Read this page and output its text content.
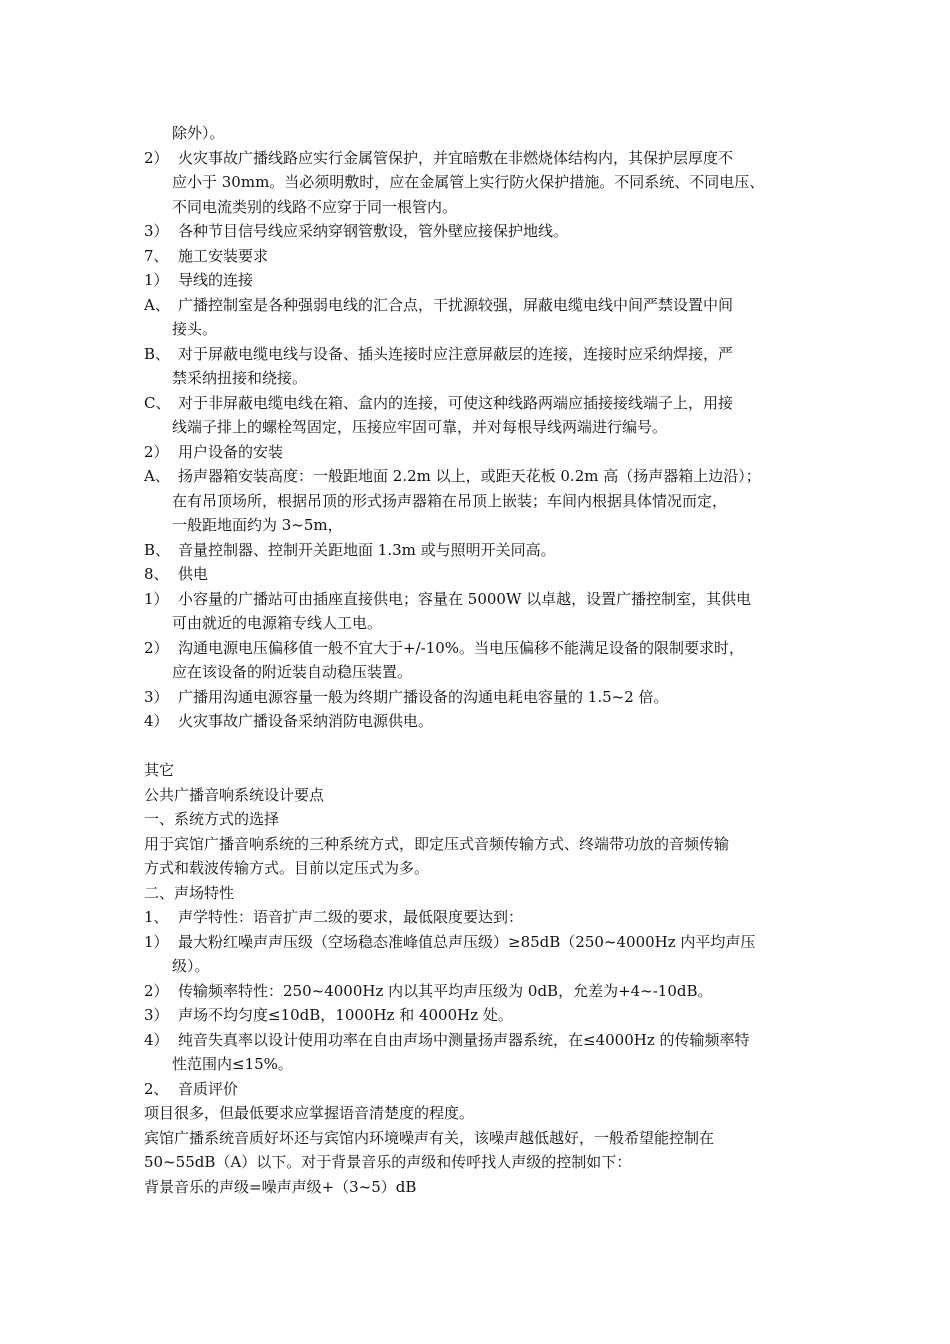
除外）。
2） 火灾事故广播线路应实行金属管保护，并宜暗敷在非燃烧体结构内，其保护层厚度不
应小于 30mm。当必须明敷时，应在金属管上实行防火保护措施。不同系统、不同电压、
不同电流类别的线路不应穿于同一根管内。
3） 各种节目信号线应采纳穿钢管敷设，管外壁应接保护地线。
7、 施工安装要求
1） 导线的连接
A、 广播控制室是各种强弱电线的汇合点，干扰源较强，屏蔽电缆电线中间严禁设置中间
接头。
B、 对于屏蔽电缆电线与设备、插头连接时应注意屏蔽层的连接，连接时应采纳焊接，严
禁采纳扭接和绕接。
C、 对于非屏蔽电缆电线在箱、盒内的连接，可使这种线路两端应插接接线端子上，用接
线端子排上的螺栓驾固定，压接应牢固可靠，并对每根导线两端进行编号。
2） 用户设备的安装
A、 扬声器箱安装高度：一般距地面 2.2m 以上，或距天花板 0.2m 高（扬声器箱上边沿）；
在有吊顶场所，根据吊顶的形式扬声器箱在吊顶上嵌装；车间内根据具体情况而定，
一般距地面约为 3~5m，
B、 音量控制器、控制开关距地面 1.3m 或与照明开关同高。
8、 供电
1） 小容量的广播站可由插座直接供电；容量在 5000W 以卓越，设置广播控制室，其供电
可由就近的电源箱专线人工电。
2） 沟通电源电压偏移值一般不宜大于+/-10%。当电压偏移不能满足设备的限制要求时，
应在该设备的附近装自动稳压装置。
3） 广播用沟通电源容量一般为终期广播设备的沟通电耗电容量的 1.5~2 倍。
4） 火灾事故广播设备采纳消防电源供电。
其它
公共广播音响系统设计要点
一、系统方式的选择
用于宾馆广播音响系统的三种系统方式，即定压式音频传输方式、终端带功放的音频传输
方式和载波传输方式。目前以定压式为多。
二、声场特性
1、 声学特性：语音扩声二级的要求，最低限度要达到：
1） 最大粉红噪声声压级（空场稳态准峰值总声压级）≥85dB（250~4000Hz 内平均声压
级）。
2） 传输频率特性：250~4000Hz 内以其平均声压级为 0dB，允差为+4~-10dB。
3） 声场不均匀度≤10dB，1000Hz 和 4000Hz 处。
4） 纯音失真率以设计使用功率在自由声场中测量扬声器系统，在≤4000Hz 的传输频率特
性范围内≤15%。
2、 音质评价
项目很多，但最低要求应掌握语音清楚度的程度。
宾馆广播系统音质好坏还与宾馆内环境噪声有关，该噪声越低越好，一般希望能控制在
50~55dB（A）以下。对于背景音乐的声级和传呼找人声级的控制如下：
背景音乐的声级=噪声声级+（3~5）dB
